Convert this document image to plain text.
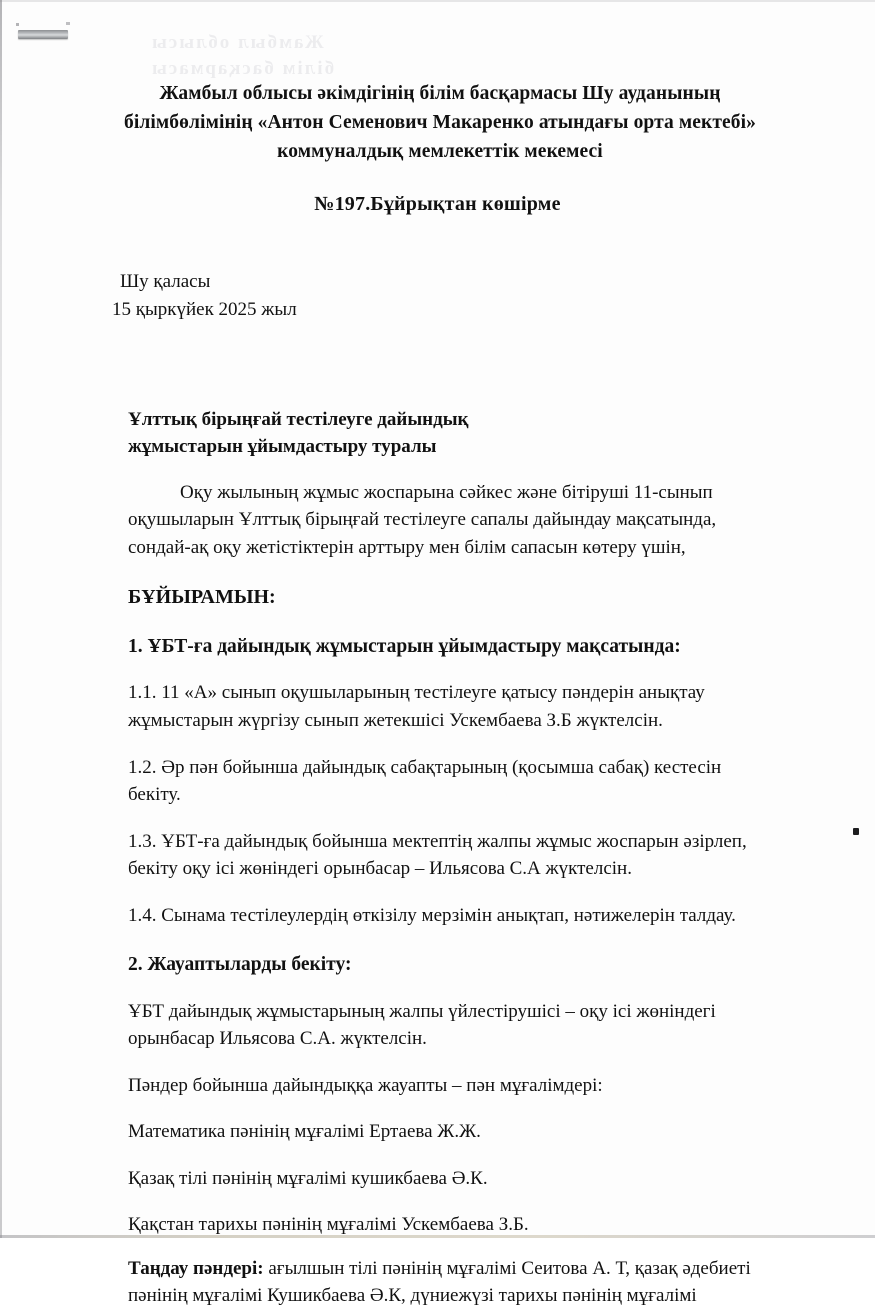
Жамбыл облысы
білім басқармасы
Жамбыл облысы әкімдігінің білім басқармасы Шу ауданының
білімбөлімінің «Антон Семенович Макаренко атындағы орта мектебі»
коммуналдық мемлекеттік мекемесі
№197.Бұйрықтан көшірме
Шу қаласы
15 қыркүйек 2025 жыл
Ұлттық бірыңғай тестілеуге дайындық
жұмыстарын ұйымдастыру туралы

Оқу жылының жұмыс жоспарына сәйкес және бітіруші 11-сынып оқушыларын Ұлттық бірыңғай тестілеуге сапалы дайындау мақсатында, сондай-ақ оқу жетістіктерін арттыру мен білім сапасын көтеру үшін,

БҰЙЫРАМЫН:
1. ҰБТ-ға дайындық жұмыстарын ұйымдастыру мақсатында:

1.1. 11 «А» сынып оқушыларының тестілеуге қатысу пәндерін анықтау жұмыстарын жүргізу сынып жетекшісі Ускембаева З.Б жүктелсін.

1.2. Әр пән бойынша дайындық сабақтарының (қосымша сабақ) кестесін бекіту.

1.3. ҰБТ-ға дайындық бойынша мектептің жалпы жұмыс жоспарын әзірлеп, бекіту оқу ісі жөніндегі орынбасар – Ильясова С.А жүктелсін.

1.4. Сынама тестілеулердің өткізілу мерзімін анықтап, нәтижелерін талдау.

2. Жауаптыларды бекіту:

ҰБТ дайындық жұмыстарының жалпы үйлестірушісі – оқу ісі жөніндегі орынбасар Ильясова С.А. жүктелсін.

Пәндер бойынша дайындыққа жауапты – пән мұғалімдері:

Математика пәнінің мұғалімі Ертаева Ж.Ж.

Қазақ тілі пәнінің мұғалімі кушикбаева Ә.К.

Қақстан тарихы пәнінің мұғалімі Ускембаева З.Б.

Таңдау пәндері: ағылшын тілі пәнінің мұғалімі Сеитова А. Т, қазақ әдебиеті пәнінің мұғалімі Кушикбаева Ә.К, дүниежүзі тарихы пәнінің мұғалімі
